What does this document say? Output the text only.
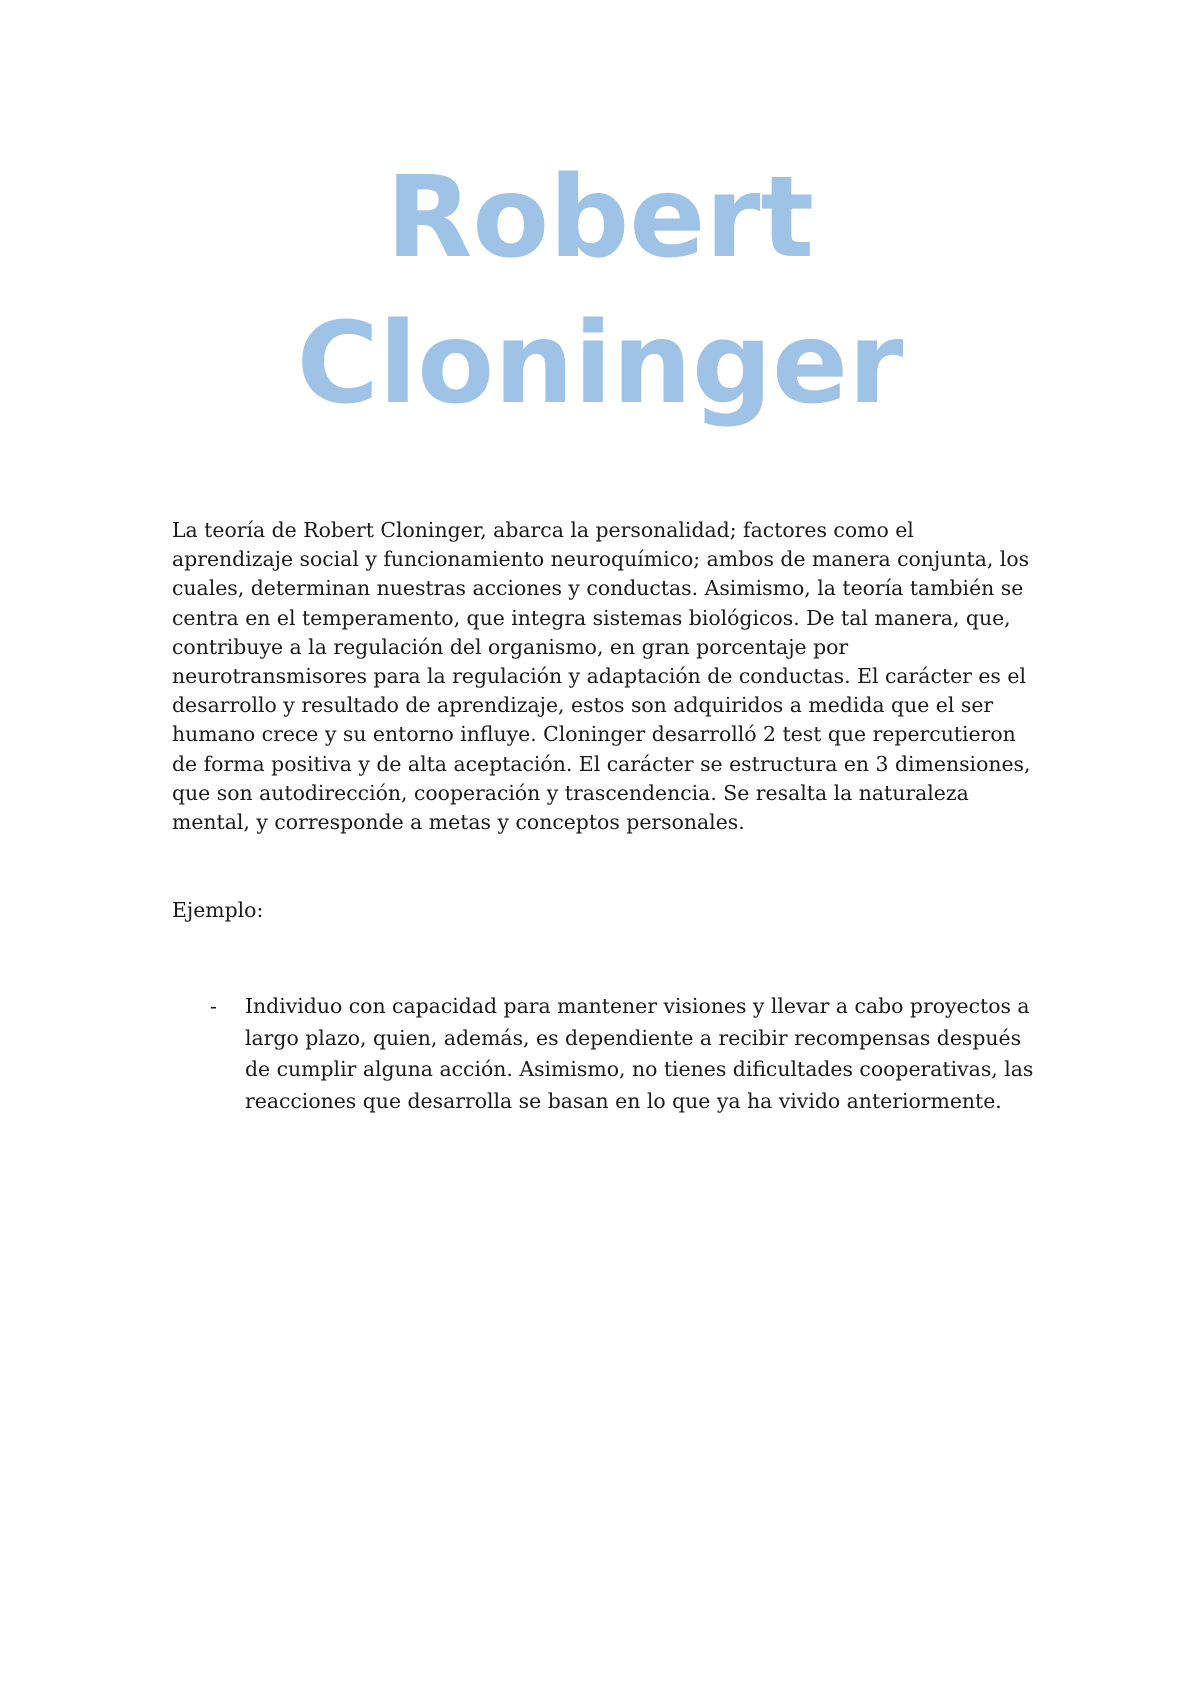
Robert
Cloninger

La teoría de Robert Cloninger, abarca la personalidad; factores como el aprendizaje social y funcionamiento neuroquímico; ambos de manera conjunta, los cuales, determinan nuestras acciones y conductas. Asimismo, la teoría también se centra en el temperamento, que integra sistemas biológicos. De tal manera, que, contribuye a la regulación del organismo, en gran porcentaje por neurotransmisores para la regulación y adaptación de conductas. El carácter es el desarrollo y resultado de aprendizaje, estos son adquiridos a medida que el ser humano crece y su entorno influye. Cloninger desarrolló 2 test que repercutieron de forma positiva y de alta aceptación. El carácter se estructura en 3 dimensiones, que son autodirección, cooperación y trascendencia. Se resalta la naturaleza mental, y corresponde a metas y conceptos personales.

Ejemplo:

- Individuo con capacidad para mantener visiones y llevar a cabo proyectos a largo plazo, quien, además, es dependiente a recibir recompensas después de cumplir alguna acción. Asimismo, no tienes dificultades cooperativas, las reacciones que desarrolla se basan en lo que ya ha vivido anteriormente.
